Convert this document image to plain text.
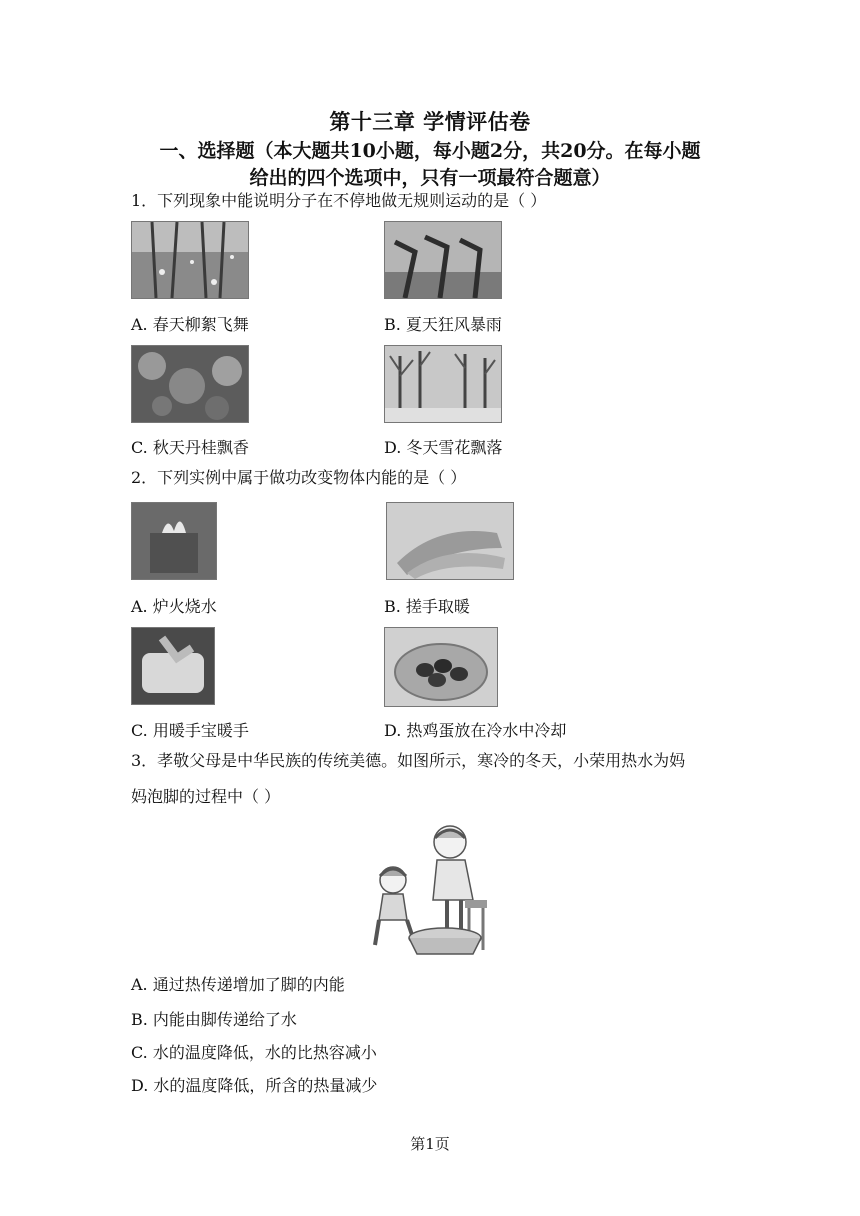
第十三章 学情评估卷
一、选择题（本大题共10小题，每小题2分，共20分。在每小题
给出的四个选项中，只有一项最符合题意）
1．下列现象中能说明分子在不停地做无规则运动的是（ ）
A. 春天柳絮飞舞	B. 夏天狂风暴雨
C. 秋天丹桂飘香	D. 冬天雪花飘落
2．下列实例中属于做功改变物体内能的是（ ）
A. 炉火烧水	B. 搓手取暖
C. 用暖手宝暖手	D. 热鸡蛋放在冷水中冷却
3．孝敬父母是中华民族的传统美德。如图所示，寒冷的冬天，小荣用热水为妈
妈泡脚的过程中（ ）
A. 通过热传递增加了脚的内能
B. 内能由脚传递给了水
C. 水的温度降低，水的比热容减小
D. 水的温度降低，所含的热量减少
第1页
